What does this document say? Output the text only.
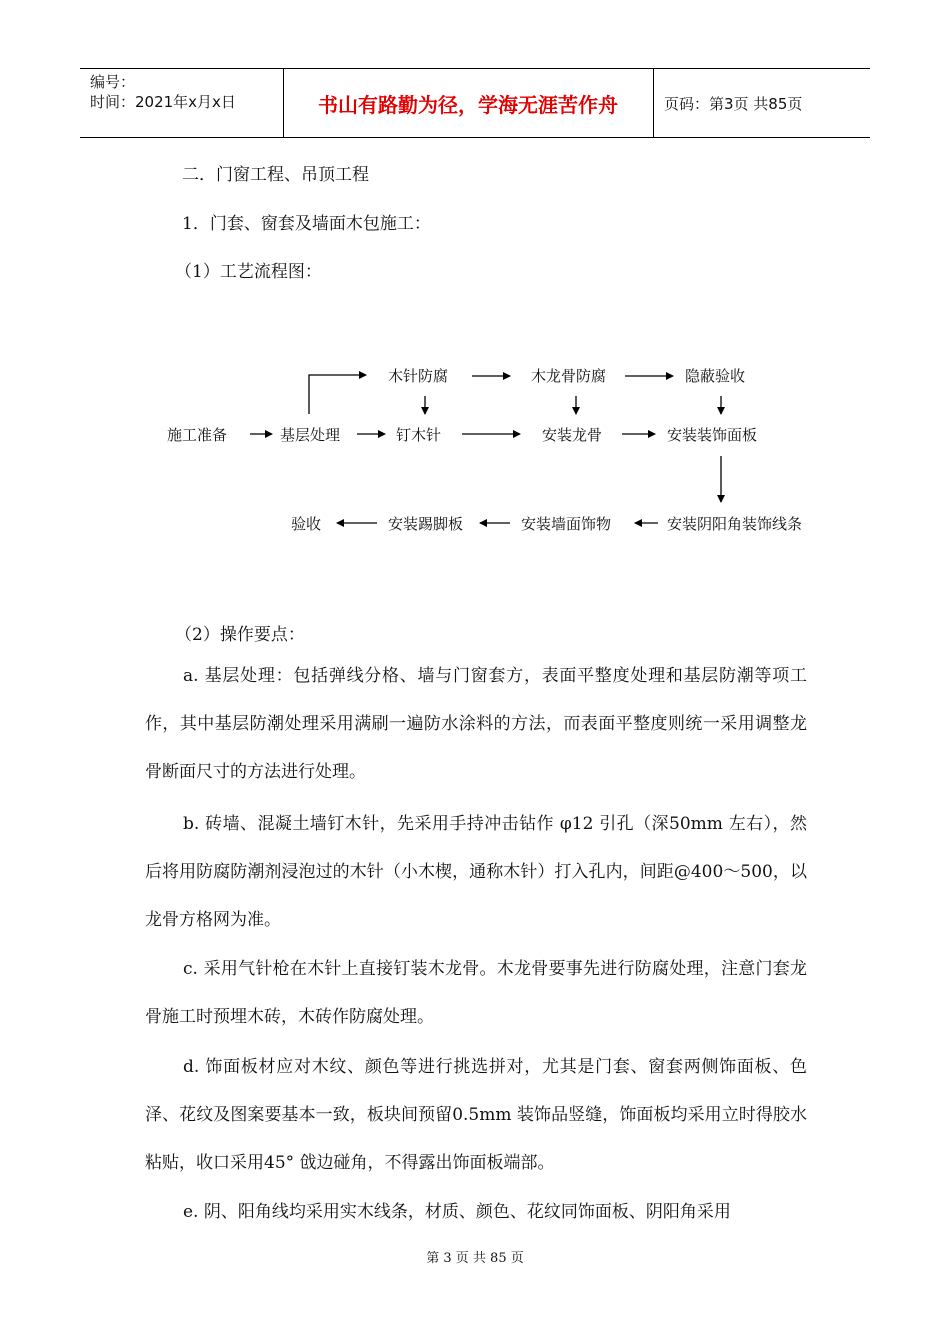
编号：
时间：2021年x月x日	书山有路勤为径，学海无涯苦作舟	页码：第3页 共85页
二．门窗工程、吊顶工程
1．门套、窗套及墙面木包施工：
（1）工艺流程图：
施工准备	基层处理
木针防腐
钉木针
木龙骨防腐
安装龙骨
隐蔽验收
安装装饰面板
安装阴阳角装饰线条
安装墙面饰物
安装踢脚板
验收
（2）操作要点：
a. 基层处理：包括弹线分格、墙与门窗套方，表面平整度处理和基层防潮等项工作，其中基层防潮处理采用满刷一遍防水涂料的方法，而表面平整度则统一采用调整龙骨断面尺寸的方法进行处理。
b. 砖墙、混凝土墙钉木针，先采用手持冲击钻作 φ12 引孔（深50mm 左右），然后将用防腐防潮剂浸泡过的木针（小木楔，通称木针）打入孔内，间距@400～500，以龙骨方格网为准。
c. 采用气针枪在木针上直接钉装木龙骨。木龙骨要事先进行防腐处理，注意门套龙骨施工时预埋木砖，木砖作防腐处理。
d. 饰面板材应对木纹、颜色等进行挑选拼对，尤其是门套、窗套两侧饰面板、色泽、花纹及图案要基本一致，板块间预留0.5mm 装饰品竖缝，饰面板均采用立时得胶水粘贴，收口采用45° 戗边碰角，不得露出饰面板端部。
e. 阴、阳角线均采用实木线条，材质、颜色、花纹同饰面板、阴阳角采用
第 3 页 共 85 页
